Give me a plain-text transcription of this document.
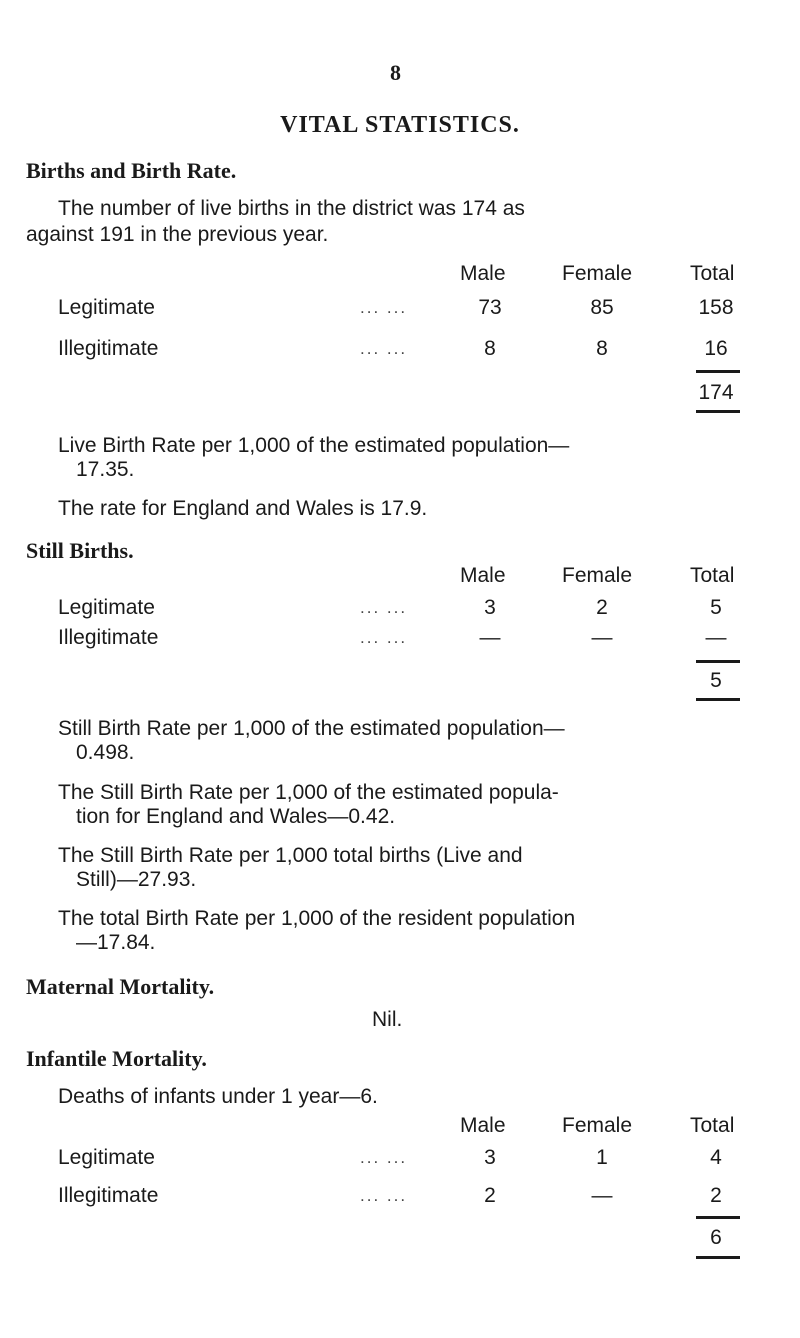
8
VITAL STATISTICS.
Births and Birth Rate.
The number of live births in the district was 174 as
against 191 in the previous year.
Male	Female	Total
Legitimate	... ...	73	85	158
Illegitimate	... ...	8	8	16
174
Live Birth Rate per 1,000 of the estimated population—
17.35.
The rate for England and Wales is 17.9.
Still Births.
Male	Female	Total
Legitimate	... ...	3	2	5
Illegitimate	... ...	—	—	—
5
Still Birth Rate per 1,000 of the estimated population—
0.498.
The Still Birth Rate per 1,000 of the estimated popula-
tion for England and Wales—0.42.
The Still Birth Rate per 1,000 total births (Live and
Still)—27.93.
The total Birth Rate per 1,000 of the resident population
—17.84.
Maternal Mortality.
Nil.
Infantile Mortality.
Deaths of infants under 1 year—6.
Male	Female	Total
Legitimate	... ...	3	1	4
Illegitimate	... ...	2	—	2
6
